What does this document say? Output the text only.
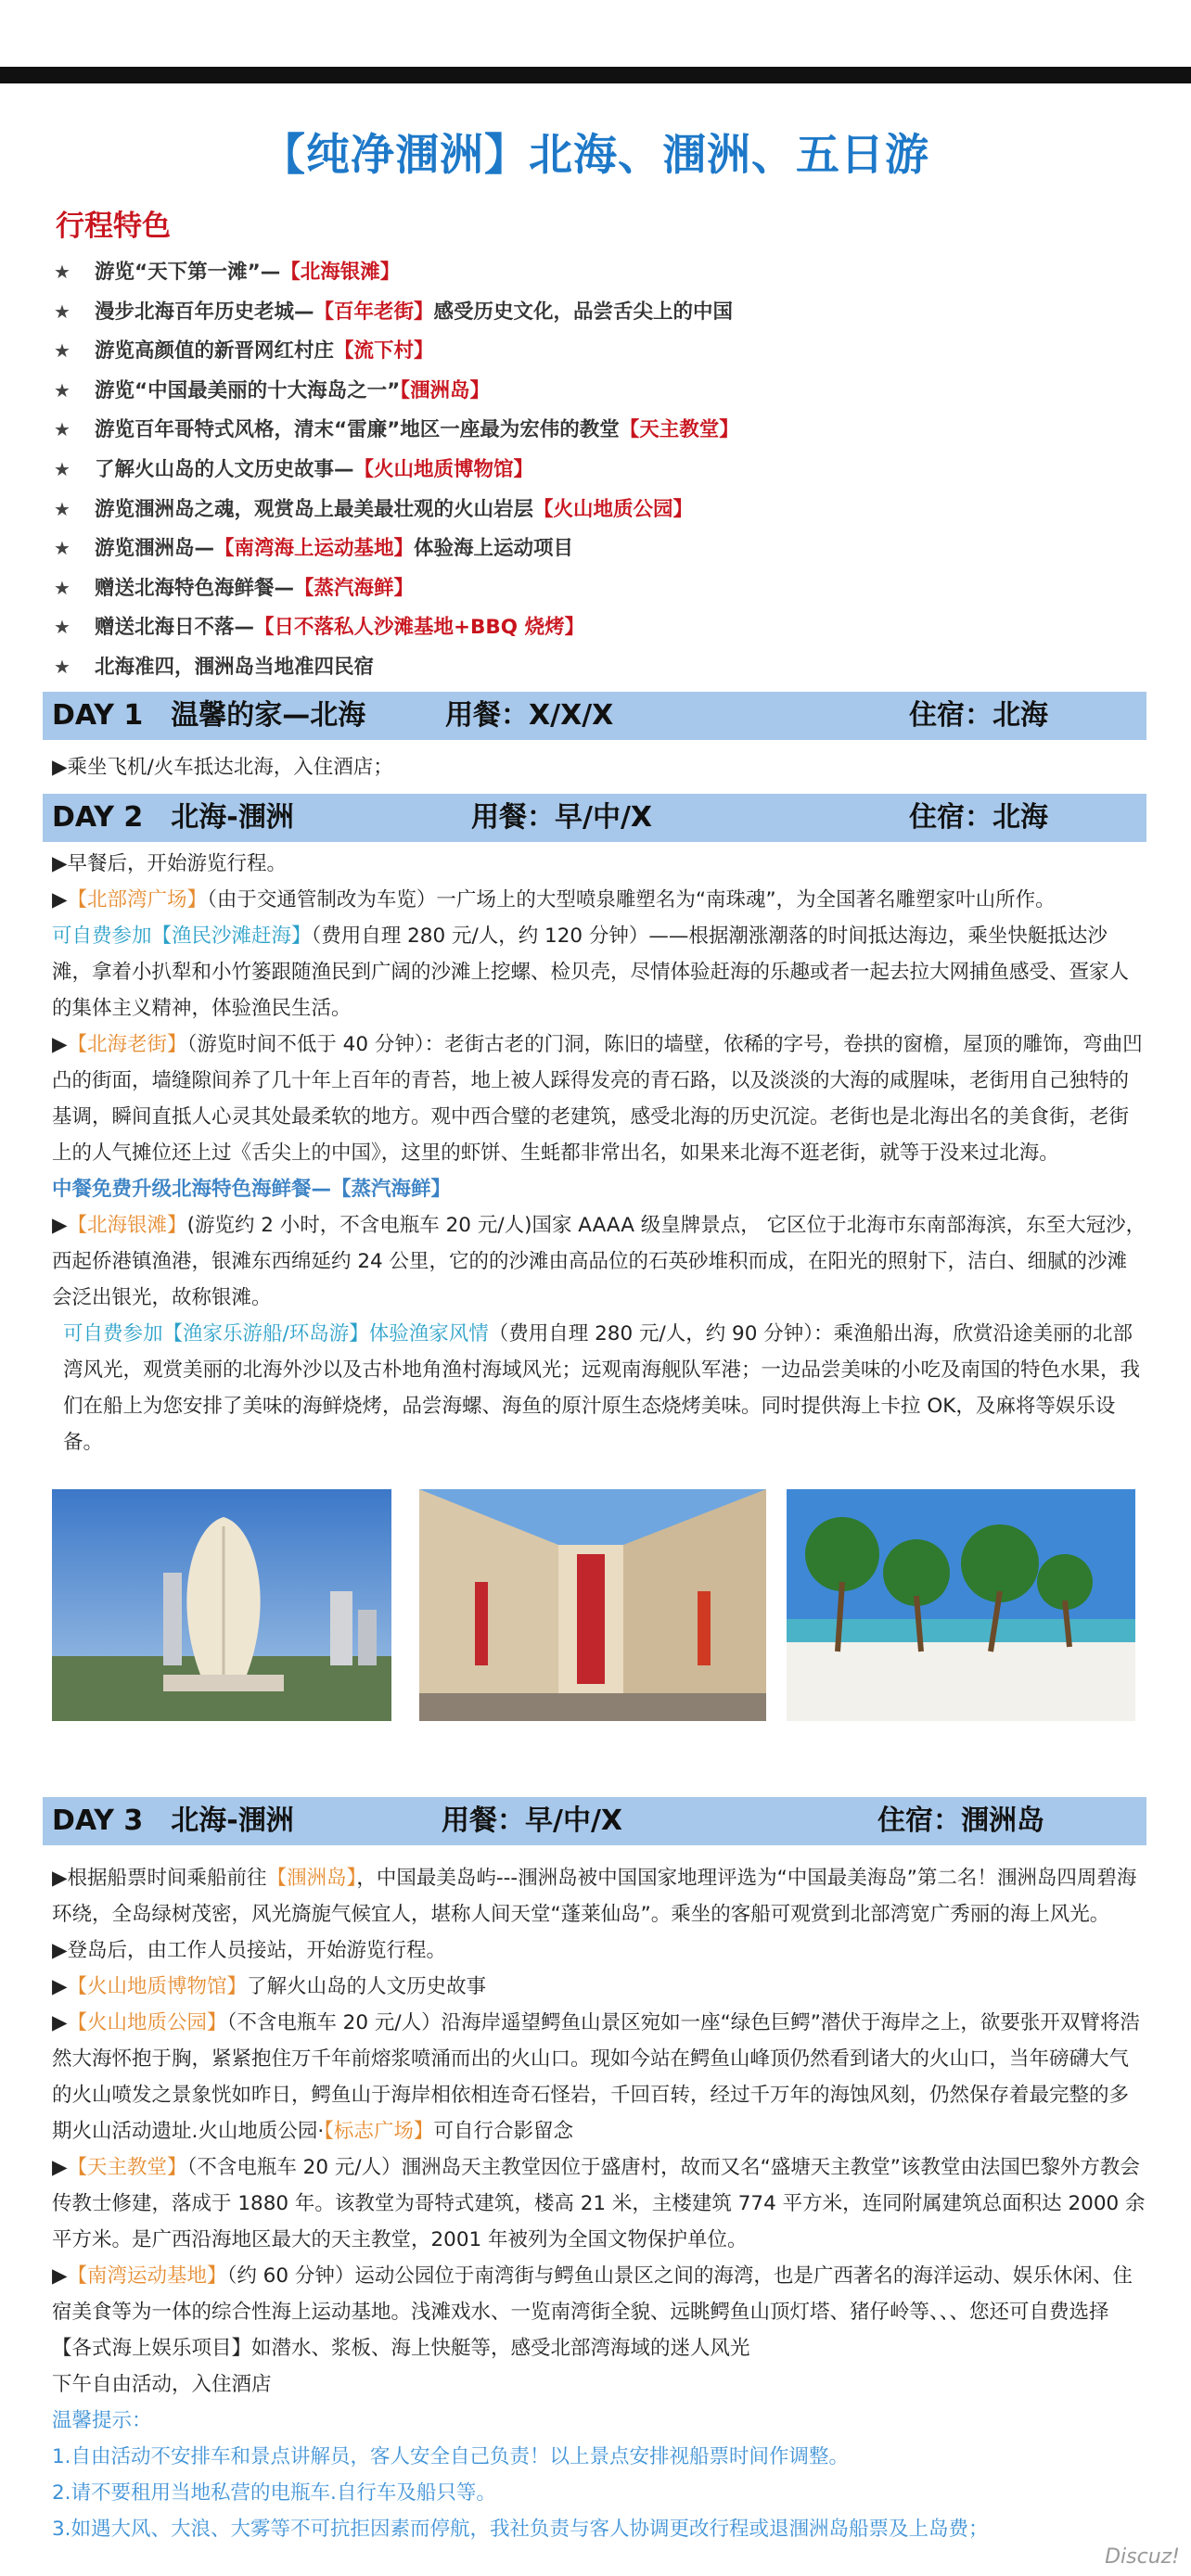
【纯净涠洲】北海、涠洲、五日游
行程特色
★ 游览“天下第一滩”—【北海银滩】
★ 漫步北海百年历史老城—【百年老街】感受历史文化，品尝舌尖上的中国
★ 游览高颜值的新晋网红村庄【流下村】
★ 游览“中国最美丽的十大海岛之一”【涠洲岛】
★ 游览百年哥特式风格，清末“雷廉”地区一座最为宏伟的教堂【天主教堂】
★ 了解火山岛的人文历史故事—【火山地质博物馆】
★ 游览涠洲岛之魂，观赏岛上最美最壮观的火山岩层【火山地质公园】
★ 游览涠洲岛—【南湾海上运动基地】体验海上运动项目
★ 赠送北海特色海鲜餐—【蒸汽海鲜】
★ 赠送北海日不落—【日不落私人沙滩基地+BBQ 烧烤】
★ 北海准四，涠洲岛当地准四民宿
DAY 1　温馨的家—北海	用餐：X/X/X	住宿：北海

▶乘坐飞机/火车抵达北海，入住酒店；

DAY 2　北海-涠洲	用餐：早/中/X	住宿：北海

▶早餐后，开始游览行程。

▶【北部湾广场】（由于交通管制改为车览）一广场上的大型喷泉雕塑名为“南珠魂”，为全国著名雕塑家叶山所作。

可自费参加【渔民沙滩赶海】（费用自理 280 元/人，约 120 分钟）——根据潮涨潮落的时间抵达海边，乘坐快艇抵达沙滩，拿着小扒犁和小竹篓跟随渔民到广阔的沙滩上挖螺、检贝壳，尽情体验赶海的乐趣或者一起去拉大网捕鱼感受、疍家人的集体主义精神，体验渔民生活。

▶【北海老街】（游览时间不低于 40 分钟）：老街古老的门洞，陈旧的墙壁，依稀的字号，卷拱的窗檐，屋顶的雕饰，弯曲凹凸的街面，墙缝隙间养了几十年上百年的青苔，地上被人踩得发亮的青石路，以及淡淡的大海的咸腥味，老街用自己独特的基调，瞬间直抵人心灵其处最柔软的地方。观中西合璧的老建筑，感受北海的历史沉淀。老街也是北海出名的美食街，老街上的人气摊位还上过《舌尖上的中国》，这里的虾饼、生蚝都非常出名，如果来北海不逛老街，就等于没来过北海。

中餐免费升级北海特色海鲜餐—【蒸汽海鲜】

▶【北海银滩】(游览约 2 小时，不含电瓶车 20 元/人)国家 AAAA 级皇牌景点， 它区位于北海市东南部海滨，东至大冠沙，西起侨港镇渔港，银滩东西绵延约 24 公里，它的的沙滩由高品位的石英砂堆积而成，在阳光的照射下，洁白、细腻的沙滩会泛出银光，故称银滩。

可自费参加【渔家乐游船/环岛游】体验渔家风情（费用自理 280 元/人，约 90 分钟）：乘渔船出海，欣赏沿途美丽的北部湾风光，观赏美丽的北海外沙以及古朴地角渔村海域风光；远观南海舰队军港；一边品尝美味的小吃及南国的特色水果，我们在船上为您安排了美味的海鲜烧烤，品尝海螺、海鱼的原汁原生态烧烤美味。同时提供海上卡拉 OK，及麻将等娱乐设备。

DAY 3　北海-涠洲	用餐：早/中/X	住宿：涠洲岛

▶根据船票时间乘船前往【涠洲岛】，中国最美岛屿---涠洲岛被中国国家地理评选为“中国最美海岛”第二名！涠洲岛四周碧海环绕，全岛绿树茂密，风光旖旎气候宜人，堪称人间天堂“蓬莱仙岛”。乘坐的客船可观赏到北部湾宽广秀丽的海上风光。

▶登岛后，由工作人员接站，开始游览行程。

▶【火山地质博物馆】了解火山岛的人文历史故事

▶【火山地质公园】（不含电瓶车 20 元/人）沿海岸遥望鳄鱼山景区宛如一座“绿色巨鳄”潜伏于海岸之上，欲要张开双臂将浩然大海怀抱于胸，紧紧抱住万千年前熔浆喷涌而出的火山口。现如今站在鳄鱼山峰顶仍然看到诸大的火山口，当年磅礴大气的火山喷发之景象恍如昨日，鳄鱼山于海岸相依相连奇石怪岩，千回百转，经过千万年的海蚀风刻，仍然保存着最完整的多期火山活动遗址.火山地质公园·【标志广场】可自行合影留念

▶【天主教堂】（不含电瓶车 20 元/人）涠洲岛天主教堂因位于盛唐村，故而又名“盛塘天主教堂”该教堂由法国巴黎外方教会传教士修建，落成于 1880 年。该教堂为哥特式建筑，楼高 21 米，主楼建筑 774 平方米，连同附属建筑总面积达 2000 余平方米。是广西沿海地区最大的天主教堂，2001 年被列为全国文物保护单位。

▶【南湾运动基地】（约 60 分钟）运动公园位于南湾街与鳄鱼山景区之间的海湾，也是广西著名的海洋运动、娱乐休闲、住宿美食等为一体的综合性海上运动基地。浅滩戏水、一览南湾街全貌、远眺鳄鱼山顶灯塔、猪仔岭等、、、您还可自费选择【各式海上娱乐项目】如潜水、浆板、海上快艇等，感受北部湾海域的迷人风光

下午自由活动，入住酒店

温馨提示：

1.自由活动不安排车和景点讲解员，客人安全自己负责！以上景点安排视船票时间作调整。

2.请不要租用当地私营的电瓶车.自行车及船只等。

3.如遇大风、大浪、大雾等不可抗拒因素而停航，我社负责与客人协调更改行程或退涠洲岛船票及上岛费；

Discuz!
